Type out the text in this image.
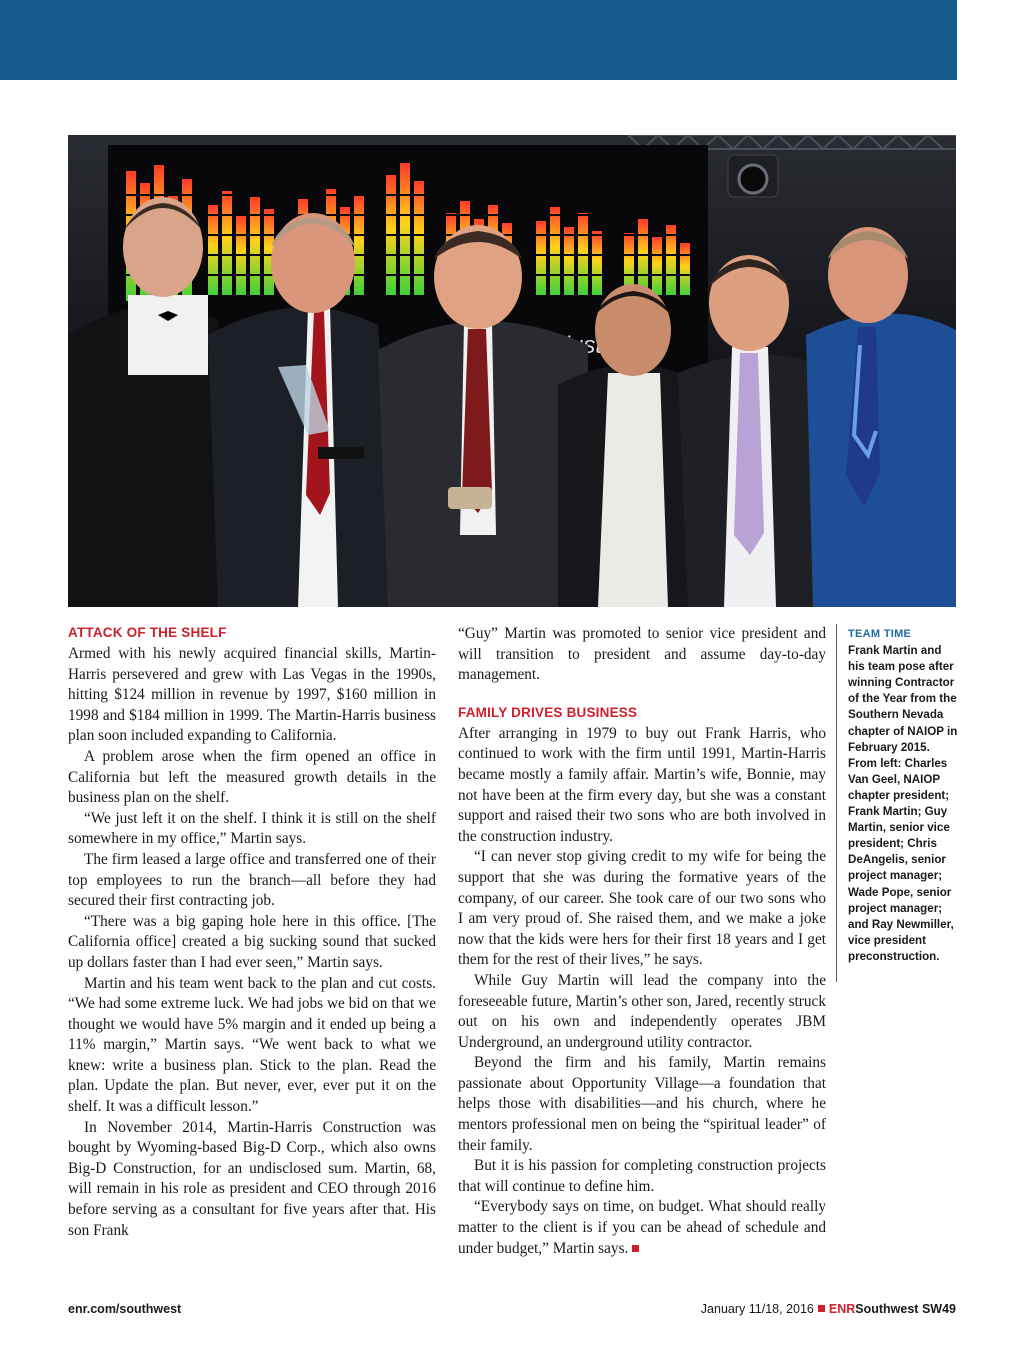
ATTACK OF THE SHELF

Armed with his newly acquired financial skills, Martin-Harris persevered and grew with Las Vegas in the 1990s, hitting $124 million in revenue by 1997, $160 million in 1998 and $184 million in 1999. The Martin-Harris business plan soon included expanding to California.

A problem arose when the firm opened an office in California but left the measured growth details in the business plan on the shelf.

“We just left it on the shelf. I think it is still on the shelf somewhere in my office,” Martin says.

The firm leased a large office and transferred one of their top employees to run the branch—all before they had secured their first contracting job.

“There was a big gaping hole here in this office. [The California office] created a big sucking sound that sucked up dollars faster than I had ever seen,” Martin says.

Martin and his team went back to the plan and cut costs. “We had some extreme luck. We had jobs we bid on that we thought we would have 5% margin and it ended up being a 11% margin,” Martin says. “We went back to what we knew: write a business plan. Stick to the plan. Read the plan. Update the plan. But never, ever, ever put it on the shelf. It was a difficult lesson.”

In November 2014, Martin-Harris Construction was bought by Wyoming-based Big-D Corp., which also owns Big-D Construction, for an undisclosed sum. Martin, 68, will remain in his role as president and CEO through 2016 before serving as a consultant for five years after that. His son Frank

“Guy” Martin was promoted to senior vice president and will transition to president and assume day-to-day management.

FAMILY DRIVES BUSINESS

After arranging in 1979 to buy out Frank Harris, who continued to work with the firm until 1991, Martin-Harris became mostly a family affair. Martin’s wife, Bonnie, may not have been at the firm every day, but she was a constant support and raised their two sons who are both involved in the construction industry.

“I can never stop giving credit to my wife for being the support that she was during the formative years of the company, of our career. She took care of our two sons who I am very proud of. She raised them, and we make a joke now that the kids were hers for their first 18 years and I get them for the rest of their lives,” he says.

While Guy Martin will lead the company into the foreseeable future, Martin’s other son, Jared, recently struck out on his own and independently operates JBM Underground, an underground utility contractor.

Beyond the firm and his family, Martin remains passionate about Opportunity Village—a foundation that helps those with disabilities—and his church, where he mentors professional men on being the “spiritual leader” of their family.

But it is his passion for completing construction projects that will continue to define him.

“Everybody says on time, on budget. What should really matter to the client is if you can be ahead of schedule and under budget,” Martin says.

TEAM TIME
Frank Martin and his team pose after winning Contractor of the Year from the Southern Nevada chapter of NAIOP in February 2015. From left: Charles Van Geel, NAIOP chapter president; Frank Martin; Guy Martin, senior vice president; Chris DeAngelis, senior project manager; Wade Pope, senior project manager; and Ray Newmiller, vice president preconstruction.
enr.com/southwest	January 11/18, 2016 ENRSouthwest SW49
